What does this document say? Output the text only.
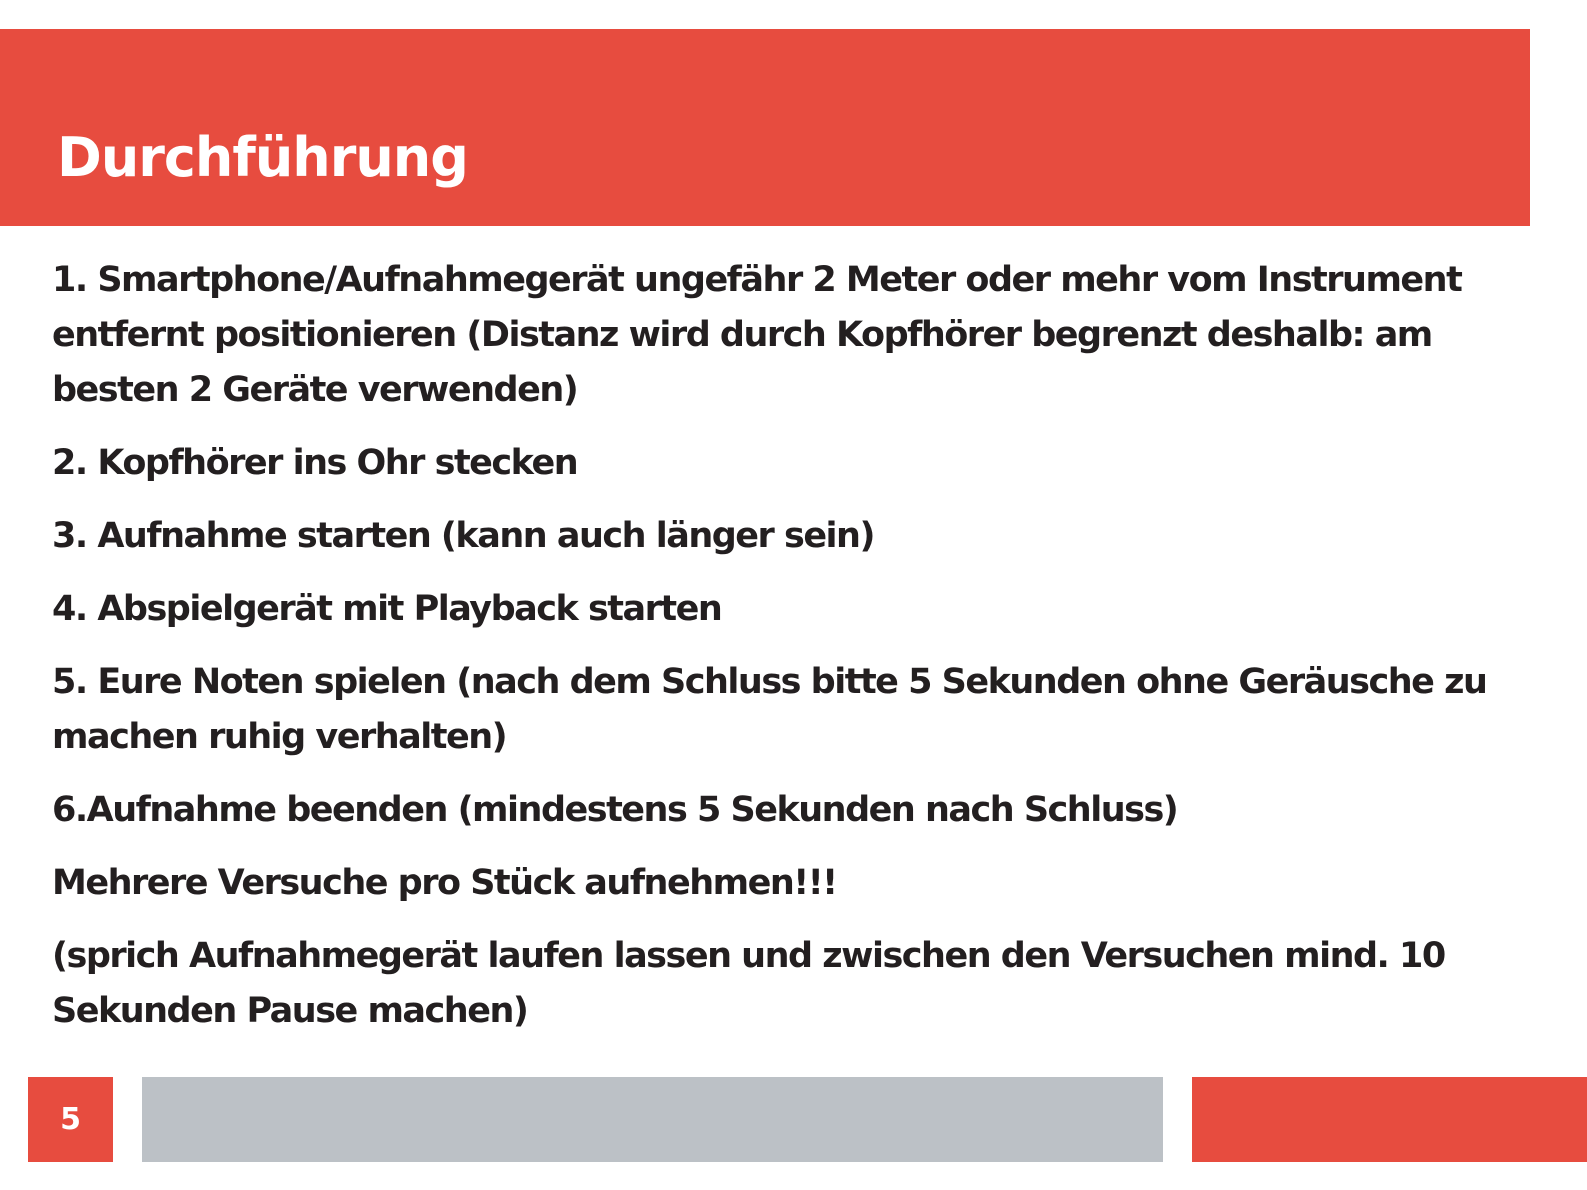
Durchführung

1. Smartphone/Aufnahmegerät ungefähr 2 Meter oder mehr vom Instrument entfernt positionieren (Distanz wird durch Kopfhörer begrenzt deshalb: am besten 2 Geräte verwenden)

2. Kopfhörer ins Ohr stecken

3. Aufnahme starten (kann auch länger sein)

4. Abspielgerät mit Playback starten

5. Eure Noten spielen (nach dem Schluss bitte 5 Sekunden ohne Geräusche zu machen ruhig verhalten)

6.Aufnahme beenden (mindestens 5 Sekunden nach Schluss)

Mehrere Versuche pro Stück aufnehmen!!!

(sprich Aufnahmegerät laufen lassen und zwischen den Versuchen mind. 10 Sekunden Pause machen)

5
